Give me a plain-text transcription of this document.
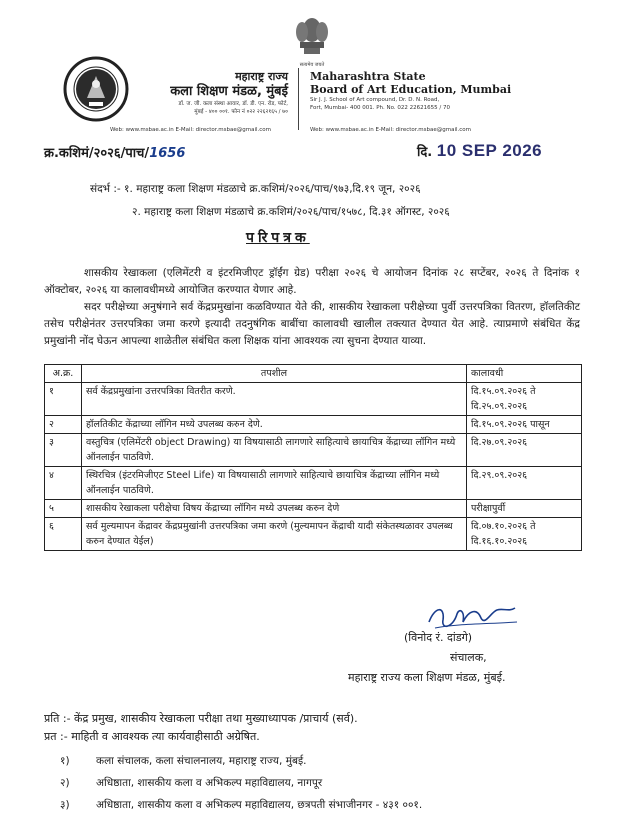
सत्यमेव जयते
महाराष्ट्र राज्य
कला शिक्षण मंडळ, मुंबई
डॉ. ज. जी. कला संस्था आवार, डॉ. डी. एन. रोड, फोर्ट,
मुंबई - ४०० ००१. फोन नं ०२२ २२६२१६५ / ७०
Web: www.msbae.ac.in E-Mail: director.msbae@gmail.com
Maharashtra State
Board of Art Education, Mumbai
Sir J. J. School of Art compound, Dr. D. N. Road,
Fort, Mumbai- 400 001. Ph. No. 022 22621655 / 70
Web: www.msbae.ac.in E-Mail: director.msbae@gmail.com
क्र.कशिमं/२०२६/पाच/1656	दि. 10 SEP 2026
संदर्भ :- १. महाराष्ट्र कला शिक्षण मंडळाचे क्र.कशिमं/२०२६/पाच/९७३,दि.१९ जून, २०२६
२. महाराष्ट्र कला शिक्षण मंडळाचे क्र.कशिमं/२०२६/पाच/१५७८, दि.३१ ऑगस्ट, २०२६
परिपत्रक
शासकीय रेखाकला (एलिमेंटरी व इंटरमिजीएट ड्रॉईंग ग्रेड) परीक्षा २०२६ चे आयोजन दिनांक २८ सप्टेंबर, २०२६ ते दिनांक १ ऑक्टोबर, २०२६ या कालावधीमध्ये आयोजित करण्यात येणार आहे.
सदर परीक्षेच्या अनुषंगाने सर्व केंद्रप्रमुखांना कळविण्यात येते की, शासकीय रेखाकला परीक्षेच्या पुर्वी उत्तरपत्रिका वितरण, हॉलतिकीट तसेच परीक्षेनंतर उत्तरपत्रिका जमा करणे इत्यादी तदनुषंगिक बाबींचा कालावधी खालील तक्त्यात देण्यात येत आहे. त्याप्रमाणे संबंधित केंद्र प्रमुखांनी नोंद घेऊन आपल्या शाळेतील संबंधित कला शिक्षक यांना आवश्यक त्या सुचना देण्यात याव्या.
अ.क्र.	तपशील	कालावधी
१	सर्व केंद्रप्रमुखांना उत्तरपत्रिका वितरीत करणे.	दि.१५.०९.२०२६ ते दि.२५.०९.२०२६
२	हॉलतिकीट केंद्राच्या लॉगिन मध्ये उपलब्ध करुन देणे.	दि.१५.०९.२०२६ पासून
३	वस्तुचित्र (एलिमेंटरी object Drawing) या विषयासाठी लागणारे साहित्याचे छायाचित्र केंद्राच्या लॉगिन मध्ये ऑनलाईन पाठविणे.	दि.२७.०९.२०२६
४	स्थिरचित्र (इंटरमिजीएट Steel Life) या विषयासाठी लागणारे साहित्याचे छायाचित्र केंद्राच्या लॉगिन मध्ये ऑनलाईन पाठविणे.	दि.२९.०९.२०२६
५	शासकीय रेखाकला परीक्षेचा विषय केंद्राच्या लॉगिन मध्ये उपलब्ध करुन देणे	परीक्षापुर्वी
६	सर्व मुल्यमापन केंद्रावर केंद्रप्रमुखांनी उत्तरपत्रिका जमा करणे (मुल्यमापन केंद्राची यादी संकेतस्थळावर उपलब्ध करुन देण्यात येईल)	दि.०७.१०.२०२६ ते दि.१६.१०.२०२६
(विनोद रं. दांडगे)
संचालक,
महाराष्ट्र राज्य कला शिक्षण मंडळ, मुंबई.
प्रति :- केंद्र प्रमुख, शासकीय रेखाकला परीक्षा तथा मुख्याध्यापक /प्राचार्य (सर्व).
प्रत :- माहिती व आवश्यक त्या कार्यवाहीसाठी अग्रेषित.
१)	कला संचालक, कला संचालनालय, महाराष्ट्र राज्य, मुंबई.
२)	अधिष्ठाता, शासकीय कला व अभिकल्प महाविद्यालय, नागपूर
३)	अधिष्ठाता, शासकीय कला व अभिकल्प महाविद्यालय, छत्रपती संभाजीनगर - ४३१ ००१.
